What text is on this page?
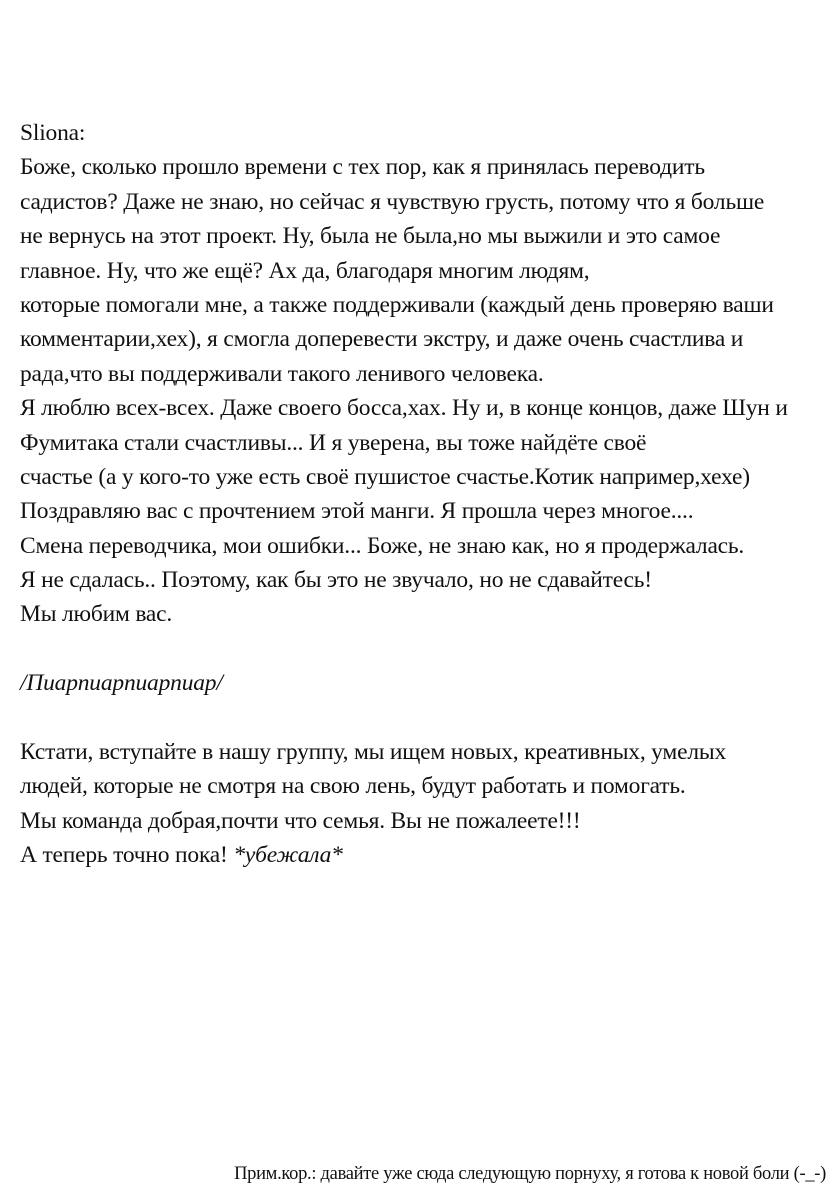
Sliona:
Боже, сколько прошло времени с тех пор, как я принялась переводить
садистов? Даже не знаю, но сейчас я чувствую грусть, потому что я больше
не вернусь на этот проект. Ну, была не была,но мы выжили и это самое
главное. Ну, что же ещё? Ах да, благодаря многим людям,
которые помогали мне, а также поддерживали (каждый день проверяю ваши
комментарии,хех), я смогла доперевести экстру, и даже очень счастлива и
рада,что вы поддерживали такого ленивого человека.
Я люблю всех-всех. Даже своего босса,хах. Ну и, в конце концов, даже Шун и
Фумитака стали счастливы... И я уверена, вы тоже найдёте своё
счастье (а у кого-то уже есть своё пушистое счастье.Котик например,хехе)
Поздравляю вас с прочтением этой манги. Я прошла через многое....
Смена переводчика, мои ошибки... Боже, не знаю как, но я продержалась.
Я не сдалась.. Поэтому, как бы это не звучало, но не сдавайтесь!
Мы любим вас.
/Пиарпиарпиарпиар/
Кстати, вступайте в нашу группу, мы ищем новых, креативных, умелых
людей, которые не смотря на свою лень, будут работать и помогать.
Мы команда добрая,почти что семья. Вы не пожалеете!!!
А теперь точно пока! *убежала*
Прим.кор.: давайте уже сюда следующую порнуху, я готова к новой боли (-_-)
